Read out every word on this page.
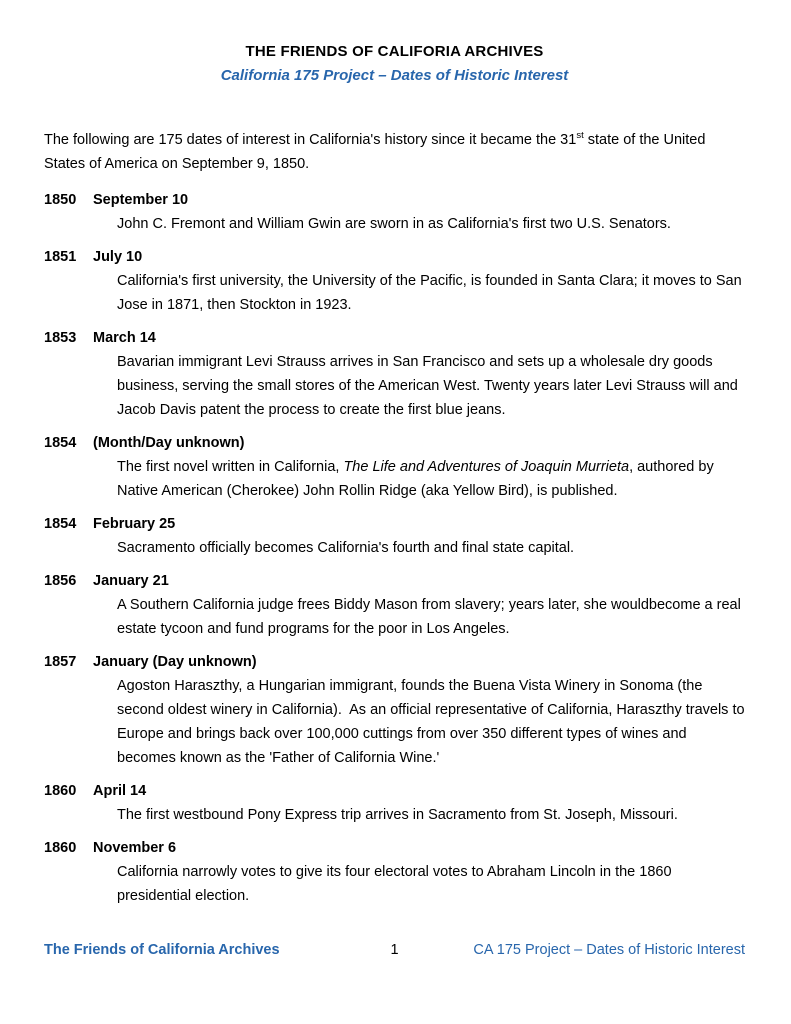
THE FRIENDS OF CALIFORIA ARCHIVES
California 175 Project – Dates of Historic Interest

The following are 175 dates of interest in California's history since it became the 31st state of the United States of America on September 9, 1850.

1850	September 10

John C. Fremont and William Gwin are sworn in as California's first two U.S. Senators.

1851	July 10

California's first university, the University of the Pacific, is founded in Santa Clara; it moves to San Jose in 1871, then Stockton in 1923.

1853	March 14

Bavarian immigrant Levi Strauss arrives in San Francisco and sets up a wholesale dry goods business, serving the small stores of the American West. Twenty years later Levi Strauss will and Jacob Davis patent the process to create the first blue jeans.

1854	(Month/Day unknown)

The first novel written in California, The Life and Adventures of Joaquin Murrieta, authored by Native American (Cherokee) John Rollin Ridge (aka Yellow Bird), is published.

1854	February 25

Sacramento officially becomes California's fourth and final state capital.

1856	January 21

A Southern California judge frees Biddy Mason from slavery; years later, she wouldbecome a real estate tycoon and fund programs for the poor in Los Angeles.

1857	January (Day unknown)

Agoston Haraszthy, a Hungarian immigrant, founds the Buena Vista Winery in Sonoma (the second oldest winery in California).  As an official representative of California, Haraszthy travels to Europe and brings back over 100,000 cuttings from over 350 different types of wines and becomes known as the 'Father of California Wine.'

1860	April 14

The first westbound Pony Express trip arrives in Sacramento from St. Joseph, Missouri.

1860	November 6

California narrowly votes to give its four electoral votes to Abraham Lincoln in the 1860 presidential election.

The Friends of California Archives	1	CA 175 Project – Dates of Historic Interest
